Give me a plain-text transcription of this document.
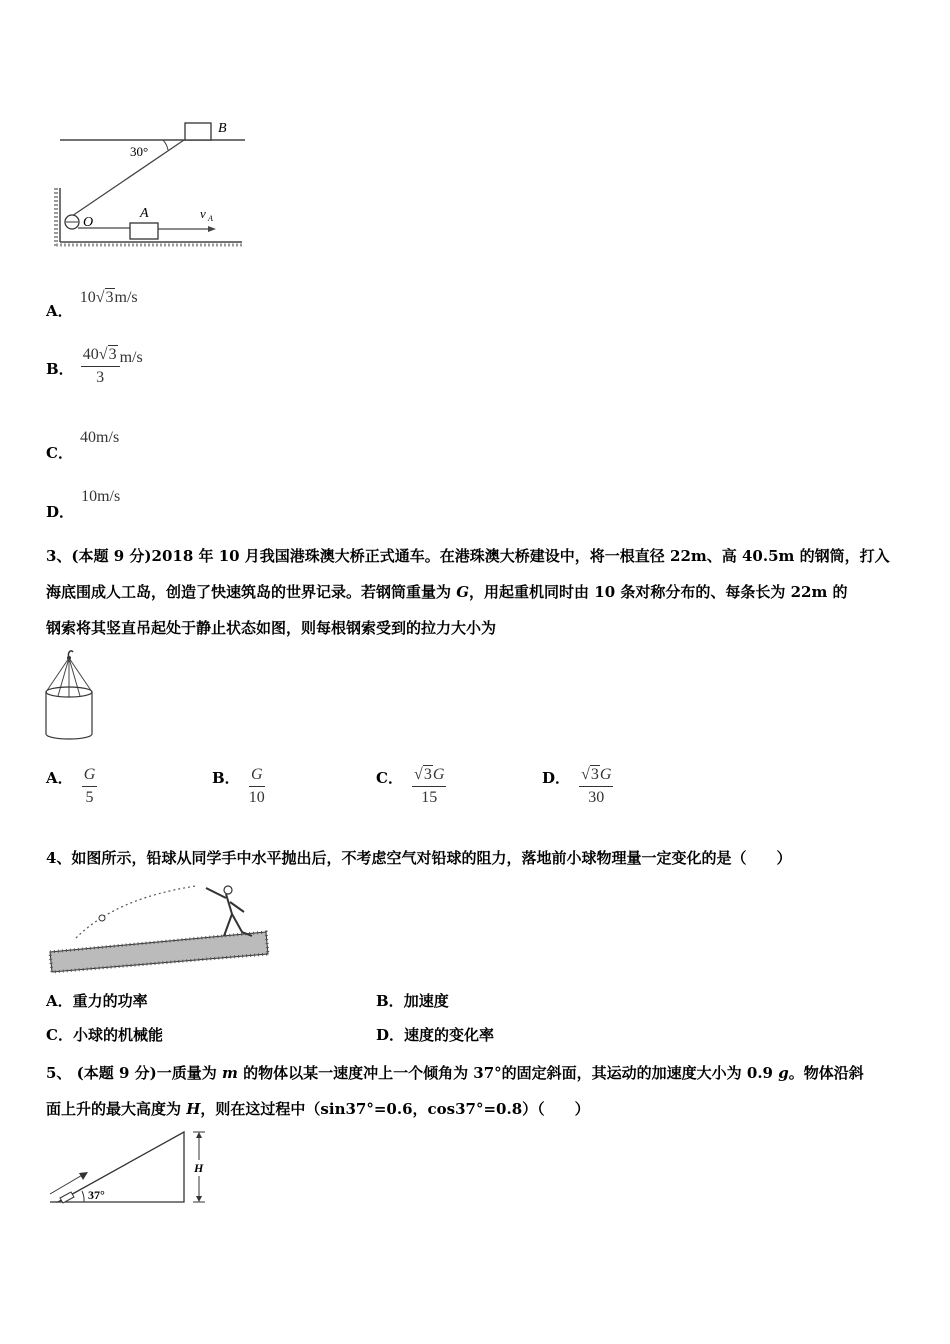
B
30°
O
A	v A
A． 10√3m/s
B． $\frac{40√3}{3} m/s$
C． 40m/s
D． 10m/s
3、(本题 9 分)2018 年 10 月我国港珠澳大桥正式通车。在港珠澳大桥建设中，将一根直径 22m、高 40.5m 的钢筒，打入
海底围成人工岛，创造了快速筑岛的世界记录。若钢筒重量为 G，用起重机同时由 10 条对称分布的、每条长为 22m 的
钢索将其竖直吊起处于静止状态如图，则每根钢索受到的拉力大小为
A． $\frac{G}{5}$	B． $\frac{G}{10}$	C． $\frac{√3G}{15}$	D． $\frac{√3G}{30}$
4、如图所示，铅球从同学手中水平抛出后，不考虑空气对铅球的阻力，落地前小球物理量一定变化的是（　　）
A．重力的功率	B．加速度
C．小球的机械能	D．速度的变化率
5、 (本题 9 分)一质量为 m 的物体以某一速度冲上一个倾角为 37°的固定斜面，其运动的加速度大小为 0.9 g。物体沿斜
面上升的最大高度为 H，则在这过程中（sin37°=0.6，cos37°=0.8）（　　）
37°
H
